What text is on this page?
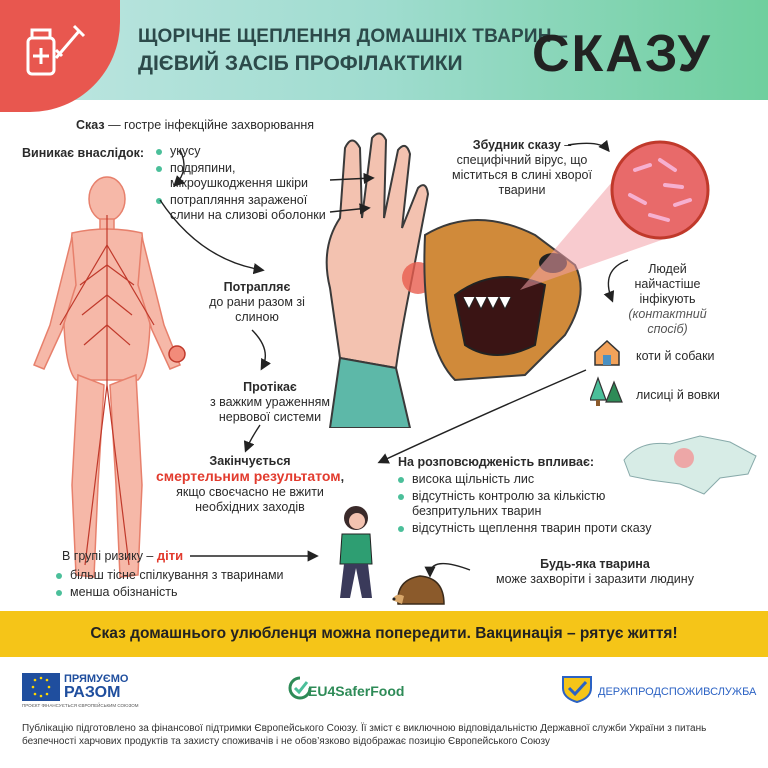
ЩОРІЧНЕ ЩЕПЛЕННЯ ДОМАШНІХ ТВАРИН –
ДІЄВИЙ ЗАСІБ ПРОФІЛАКТИКИ СКАЗУ
Сказ — гостре інфекційне захворювання
Виникає внаслідок:	укусу
подряпини, мікроушкодження шкіри
потрапляння зараженої слини на слизові оболонки
Збудник сказу –
специфічний вірус, що міститься в слині хворої тварини
Потрапляє
до рани разом зі слиною
Протікає
з важким ураженням нервової системи
Закінчується
смертельним результатом,
якщо своєчасно не вжити необхідних заходів
Людей найчастіше інфікують
(контактний спосіб)
коти й собаки
лисиці й вовки
На розповсюдженість впливає:
висока щільність лис
відсутність контролю за кількістю безпритульних тварин
відсутність щеплення тварин проти сказу
В групі ризику – діти
більш тісне спілкування з тваринами
менша обізнаність
Будь-яка тварина
може захворіти і заразити людину
Сказ домашнього улюбленця можна попередити. Вакцинація – рятує життя!
ПРЯМУЄМО
РАЗОМ
ПРОЄКТ ФІНАНСУЄТЬСЯ ЄВРОПЕЙСЬКИМ СОЮЗОМ
EU4SaferFood	ДЕРЖПРОДСПОЖИВСЛУЖБА
Публікацію підготовлено за фінансової підтримки Європейського Союзу. Її зміст є виключною відповідальністю Державної служби України з питань безпечності харчових продуктів та захисту споживачів і не обов’язково відображає позицію Європейського Союзу
